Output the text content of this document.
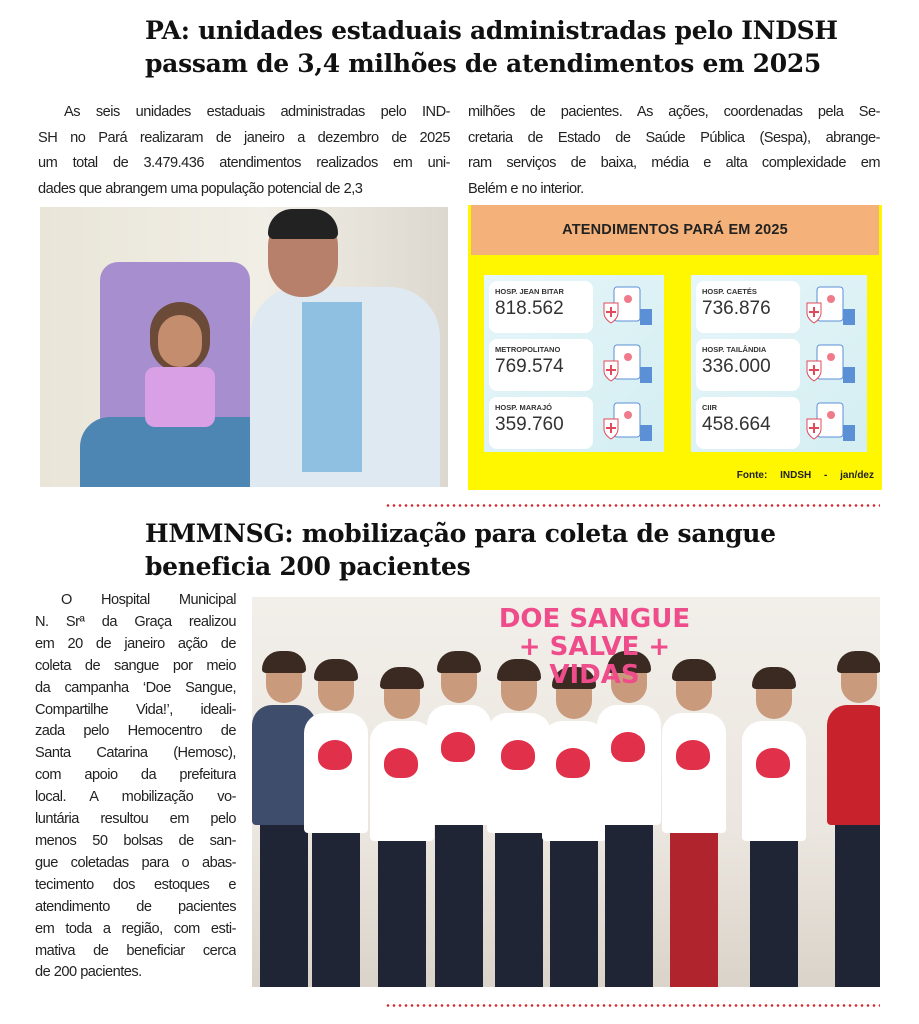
PA: unidades estaduais administradas pelo INDSH
passam de 3,4 milhões de atendimentos em 2025
As seis unidades estaduais administradas pelo IND-
SH no Pará realizaram de janeiro a dezembro de 2025
um total de 3.479.436 atendimentos realizados em uni-
dades que abrangem uma população potencial de 2,3
milhões de pacientes. As ações, coordenadas pela Se-
cretaria de Estado de Saúde Pública (Sespa), abrange-
ram serviços de baixa, média e alta complexidade em
Belém e no interior.
ATENDIMENTOS PARÁ EM 2025
HOSP. JEAN BITAR
818.562
METROPOLITANO
769.574
HOSP. MARAJÓ
359.760
HOSP. CAETÉS
736.876
HOSP. TAILÂNDIA
336.000
CIIR
458.664
Fonte: INDSH - jan/dez
HMMNSG: mobilização para coleta de sangue
beneficia 200 pacientes
O Hospital Municipal
N. Srª da Graça realizou
em 20 de janeiro ação de
coleta de sangue por meio
da campanha ‘Doe Sangue,
Compartilhe Vida!’, ideali-
zada pelo Hemocentro de
Santa Catarina (Hemosc),
com apoio da prefeitura
local. A mobilização vo-
luntária resultou em pelo
menos 50 bolsas de san-
gue coletadas para o abas-
tecimento dos estoques e
atendimento de pacientes
em toda a região, com esti-
mativa de beneficiar cerca
de 200 pacientes.
DOE SANGUE
+ SALVE +
VIDAS
